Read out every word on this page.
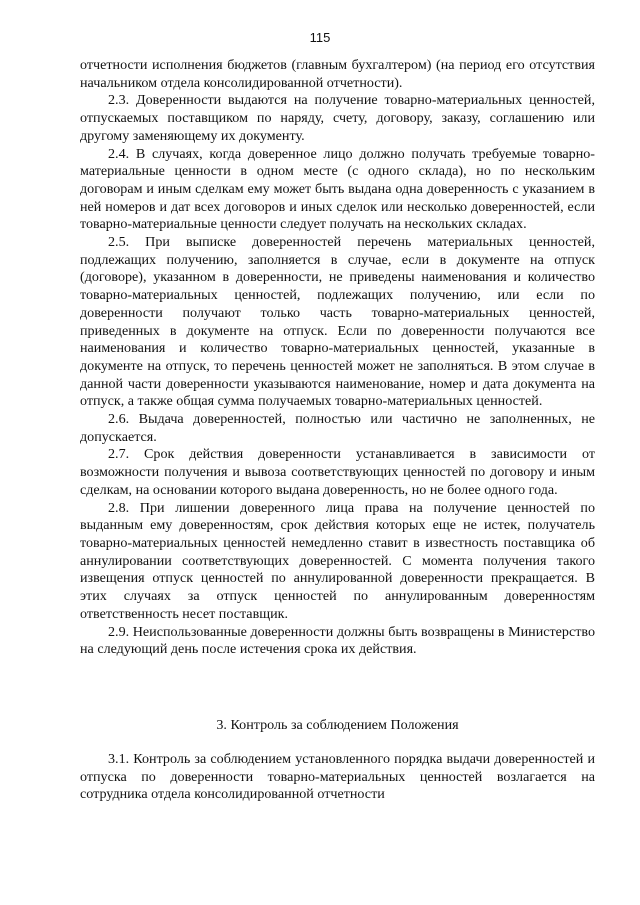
115

отчетности исполнения бюджетов (главным бухгалтером) (на период его отсутствия начальником отдела консолидированной отчетности).

2.3. Доверенности выдаются на получение товарно-материальных ценностей, отпускаемых поставщиком по наряду, счету, договору, заказу, соглашению или другому заменяющему их документу.

2.4. В случаях, когда доверенное лицо должно получать требуемые товарно-материальные ценности в одном месте (с одного склада), но по нескольким договорам и иным сделкам ему может быть выдана одна доверенность с указанием в ней номеров и дат всех договоров и иных сделок или несколько доверенностей, если товарно-материальные ценности следует получать на нескольких складах.

2.5. При выписке доверенностей перечень материальных ценностей, подлежащих получению, заполняется в случае, если в документе на отпуск (договоре), указанном в доверенности, не приведены наименования и количество товарно-материальных ценностей, подлежащих получению, или если по доверенности получают только часть товарно-материальных ценностей, приведенных в документе на отпуск. Если по доверенности получаются все наименования и количество товарно-материальных ценностей, указанные в документе на отпуск, то перечень ценностей может не заполняться. В этом случае в данной части доверенности указываются наименование, номер и дата документа на отпуск, а также общая сумма получаемых товарно-материальных ценностей.

2.6. Выдача доверенностей, полностью или частично не заполненных, не допускается.

2.7. Срок действия доверенности устанавливается в зависимости от возможности получения и вывоза соответствующих ценностей по договору и иным сделкам, на основании которого выдана доверенность, но не более одного года.

2.8. При лишении доверенного лица права на получение ценностей по выданным ему доверенностям, срок действия которых еще не истек, получатель товарно-материальных ценностей немедленно ставит в известность поставщика об аннулировании соответствующих доверенностей. С момента получения такого извещения отпуск ценностей по аннулированной доверенности прекращается. В этих случаях за отпуск ценностей по аннулированным доверенностям ответственность несет поставщик.

2.9. Неиспользованные доверенности должны быть возвращены в Министерство на следующий день после истечения срока их действия.

3. Контроль за соблюдением Положения

3.1. Контроль за соблюдением установленного порядка выдачи доверенностей и отпуска по доверенности товарно-материальных ценностей возлагается на сотрудника отдела консолидированной отчетности
